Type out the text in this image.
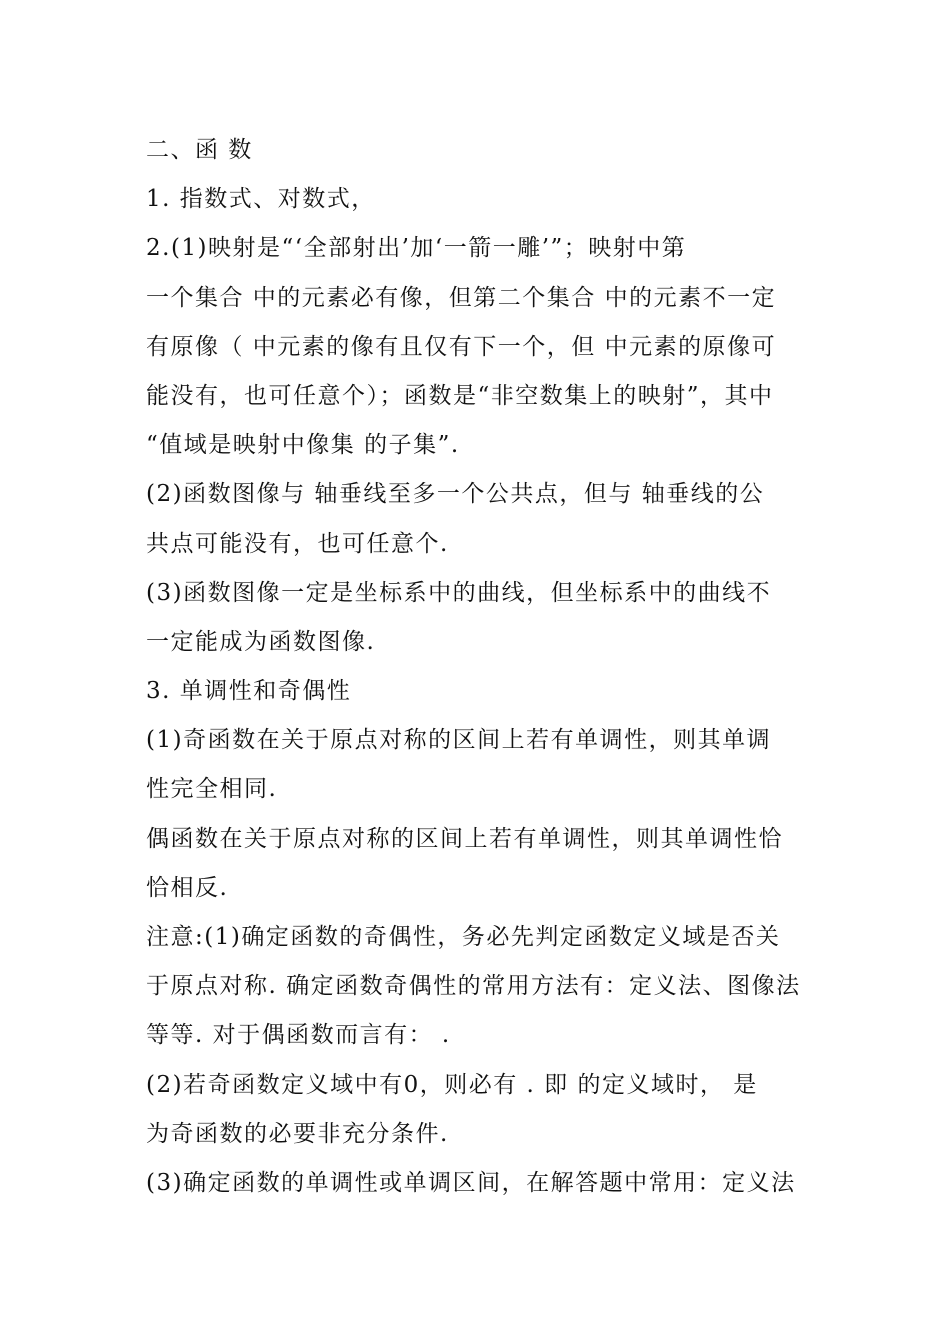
二、函 数
1. 指数式、对数式，
2.(1)映射是“‘全部射出’加‘一箭一雕’”；映射中第
一个集合 中的元素必有像，但第二个集合 中的元素不一定
有原像（ 中元素的像有且仅有下一个，但 中元素的原像可
能没有，也可任意个）；函数是“非空数集上的映射”，其中
“值域是映射中像集 的子集”.
(2)函数图像与 轴垂线至多一个公共点，但与 轴垂线的公
共点可能没有，也可任意个.
(3)函数图像一定是坐标系中的曲线，但坐标系中的曲线不
一定能成为函数图像.
3. 单调性和奇偶性
(1)奇函数在关于原点对称的区间上若有单调性，则其单调
性完全相同.
偶函数在关于原点对称的区间上若有单调性，则其单调性恰
恰相反.
注意:(1)确定函数的奇偶性，务必先判定函数定义域是否关
于原点对称. 确定函数奇偶性的常用方法有：定义法、图像法
等等. 对于偶函数而言有： .
(2)若奇函数定义域中有0，则必有 . 即 的定义域时， 是
为奇函数的必要非充分条件.
(3)确定函数的单调性或单调区间，在解答题中常用：定义法
